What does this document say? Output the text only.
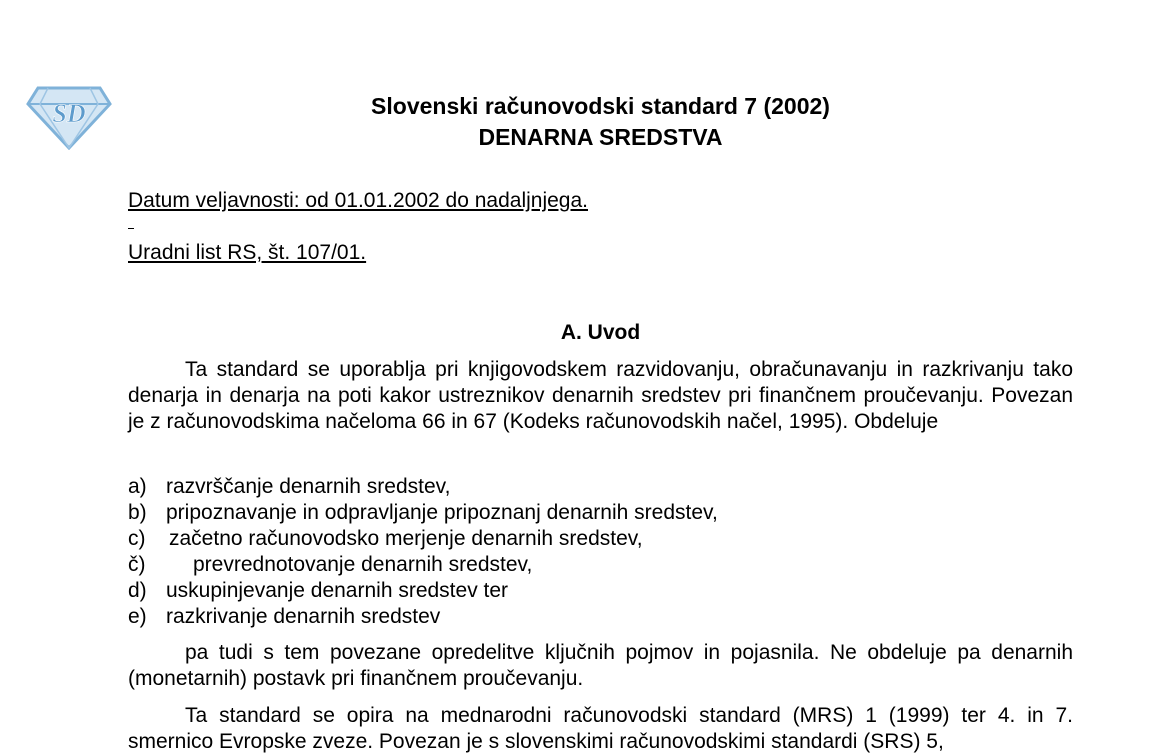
SD	Slovenski računovodski standard 7 (2002)
DENARNA SREDSTVA
Datum veljavnosti: od 01.01.2002 do nadaljnjega.
Uradni list RS, št. 107/01.
A. Uvod

Ta standard se uporablja pri knjigovodskem razvidovanju, obračunavanju in razkrivanju tako denarja in denarja na poti kakor ustreznikov denarnih sredstev pri finančnem proučevanju. Povezan je z računovodskima načeloma 66 in 67 (Kodeks računovodskih načel, 1995). Obdeluje

a) razvrščanje denarnih sredstev,
b) pripoznavanje in odpravljanje pripoznanj denarnih sredstev,
c) začetno računovodsko merjenje denarnih sredstev,
č) prevrednotovanje denarnih sredstev,
d) uskupinjevanje denarnih sredstev ter
e) razkrivanje denarnih sredstev

pa tudi s tem povezane opredelitve ključnih pojmov in pojasnila. Ne obdeluje pa denarnih (monetarnih) postavk pri finančnem proučevanju.

Ta standard se opira na mednarodni računovodski standard (MRS) 1 (1999) ter 4. in 7. smernico Evropske zveze. Povezan je s slovenskimi računovodskimi standardi (SRS) 5,
